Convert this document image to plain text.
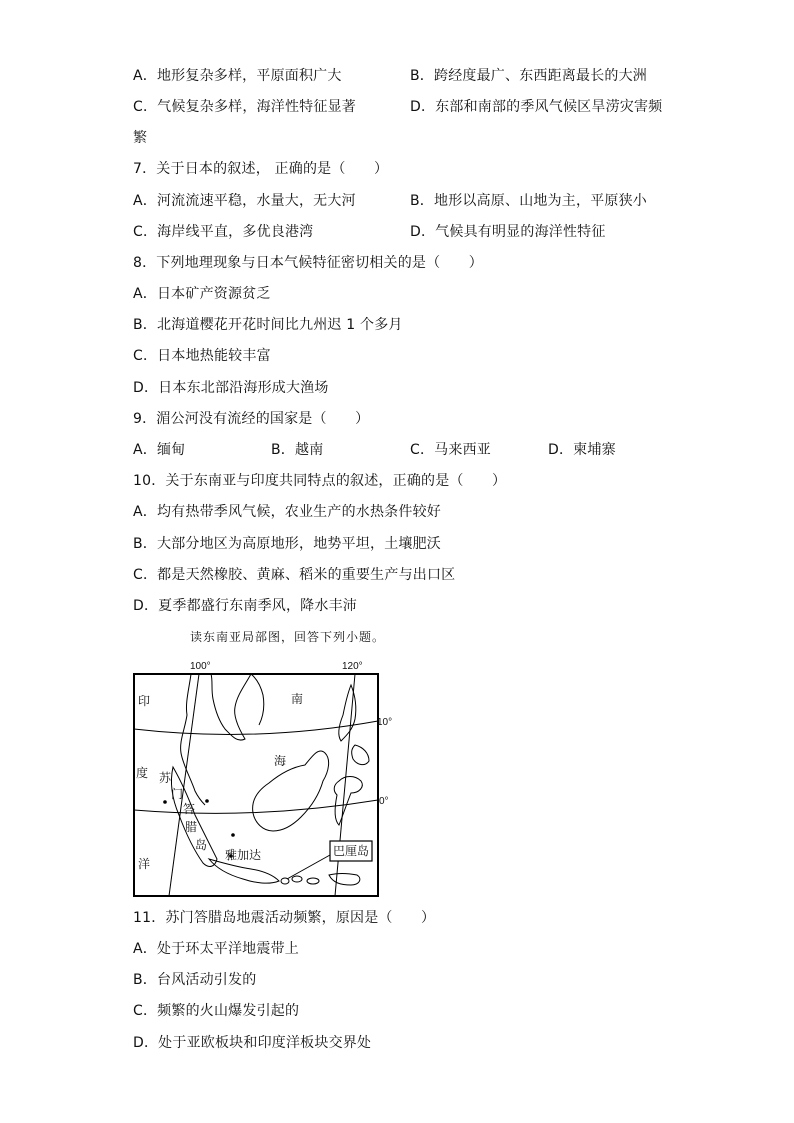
A．地形复杂多样，平原面积广大	B．跨经度最广、东西距离最长的大洲
C．气候复杂多样，海洋性特征显著	D．东部和南部的季风气候区旱涝灾害频
繁
7．关于日本的叙述， 正确的是（　　）
A．河流流速平稳，水量大，无大河	B．地形以高原、山地为主，平原狭小
C．海岸线平直，多优良港湾	D．气候具有明显的海洋性特征
8．下列地理现象与日本气候特征密切相关的是（　　）
A．日本矿产资源贫乏
B．北海道樱花开花时间比九州迟 1 个多月
C．日本地热能较丰富
D．日本东北部沿海形成大渔场
9．湄公河没有流经的国家是（　　）
A．缅甸	B．越南	C．马来西亚	D．柬埔寨
10．关于东南亚与印度共同特点的叙述，正确的是（　　）
A．均有热带季风气候，农业生产的水热条件较好
B．大部分地区为高原地形，地势平坦，土壤肥沃
C．都是天然橡胶、黄麻、稻米的重要生产与出口区
D．夏季都盛行东南季风，降水丰沛
读东南亚局部图，回答下列小题。
100°	120°
10°
0°
印
度
洋
南
海
苏
门
答
腊
岛
雅加达	巴厘岛
11．苏门答腊岛地震活动频繁，原因是（　　）
A．处于环太平洋地震带上
B．台风活动引发的
C．频繁的火山爆发引起的
D．处于亚欧板块和印度洋板块交界处
